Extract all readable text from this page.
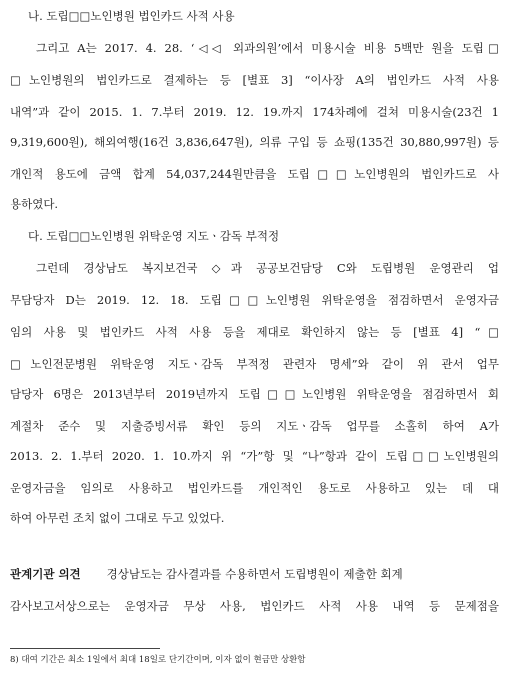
나. 도립□□노인병원 법인카드 사적 사용
그리고 A는 2017. 4. 28. ‘◁◁ 외과의원’에서 미용시술 비용 5백만 원을 도립□
□노인병원의 법인카드로 결제하는 등 [별표 3] “이사장 A의 법인카드 사적 사용
내역”과 같이 2015. 1. 7.부터 2019. 12. 19.까지 174차례에 걸쳐 미용시술(23건 1
9,319,600원), 해외여행(16건 3,836,647원), 의류 구입 등 쇼핑(135건 30,880,997원) 등
개인적 용도에 금액 합계 54,037,244원만큼을 도립□□노인병원의 법인카드로 사
용하였다.
다. 도립□□노인병원 위탁운영 지도ㆍ감독 부적정
그런데 경상남도 복지보건국 ◇과 공공보건담당 C와 도립병원 운영관리 업
무담당자 D는 2019. 12. 18. 도립□□노인병원 위탁운영을 점검하면서 운영자금
임의 사용 및 법인카드 사적 사용 등을 제대로 확인하지 않는 등 [별표 4] “□
□노인전문병원 위탁운영 지도ㆍ감독 부적정 관련자 명세”와 같이 위 관서 업무
담당자 6명은 2013년부터 2019년까지 도립□□노인병원 위탁운영을 점검하면서 회
계절차 준수 및 지출증빙서류 확인 등의 지도ㆍ감독 업무를 소홀히 하여 A가
2013. 2. 1.부터 2020. 1. 10.까지 위 “가”항 및 “나”항과 같이 도립□□노인병원의
운영자금을 임의로 사용하고 법인카드를 개인적인 용도로 사용하고 있는 데 대
하여 아무런 조치 없이 그대로 두고 있었다.
관계기관 의견 경상남도는 감사결과를 수용하면서 도립병원이 제출한 회계
감사보고서상으로는 운영자금 무상 사용, 법인카드 사적 사용 내역 등 문제점을
8) 대여 기간은 최소 1일에서 최대 18일로 단기간이며, 이자 없이 현금만 상환함
